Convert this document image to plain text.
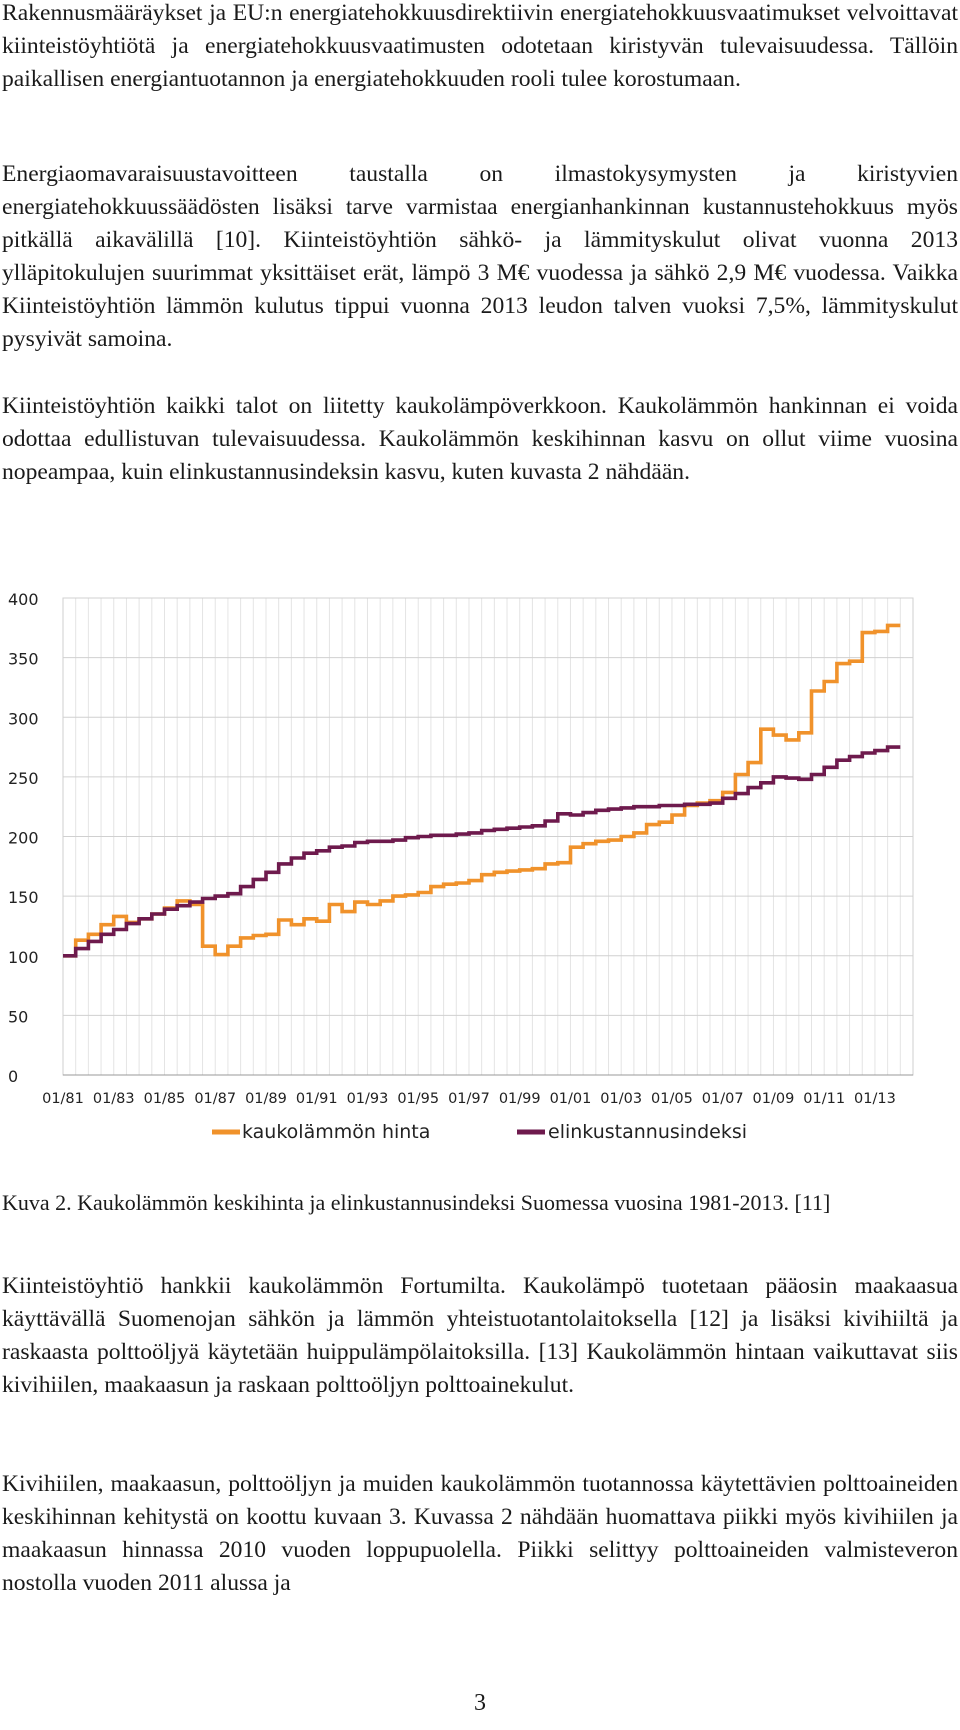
Rakennusmääräykset ja EU:n energiatehokkuusdirektiivin energiatehokkuusvaatimukset velvoittavat kiinteistöyhtiötä ja energiatehokkuusvaatimusten odotetaan kiristyvän tulevaisuudessa. Tällöin paikallisen energiantuotannon ja energiatehokkuuden rooli tulee korostumaan.

Energiaomavaraisuustavoitteen taustalla on ilmastokysymysten ja kiristyvien energiatehokkuussäädösten lisäksi tarve varmistaa energianhankinnan kustannustehokkuus myös pitkällä aikavälillä [10]. Kiinteistöyhtiön sähkö- ja lämmityskulut olivat vuonna 2013 ylläpitokulujen suurimmat yksittäiset erät, lämpö 3 M€ vuodessa ja sähkö 2,9 M€ vuodessa. Vaikka Kiinteistöyhtiön lämmön kulutus tippui vuonna 2013 leudon talven vuoksi 7,5%, lämmityskulut pysyivät samoina.

Kiinteistöyhtiön kaikki talot on liitetty kaukolämpöverkkoon. Kaukolämmön hankinnan ei voida odottaa edullistuvan tulevaisuudessa. Kaukolämmön keskihinnan kasvu on ollut viime vuosina nopeampaa, kuin elinkustannusindeksin kasvu, kuten kuvasta 2 nähdään.

0
50
100
150
200
250
300
350
400
01/81 01/83 01/85 01/87 01/89 01/91 01/93 01/95 01/97 01/99 01/01 01/03 01/05 01/07 01/09 01/11 01/13
kaukolämmön hinta	elinkustannusindeksi

Kuva 2. Kaukolämmön keskihinta ja elinkustannusindeksi Suomessa vuosina 1981-2013. [11]

Kiinteistöyhtiö hankkii kaukolämmön Fortumilta. Kaukolämpö tuotetaan pääosin maakaasua käyttävällä Suomenojan sähkön ja lämmön yhteistuotantolaitoksella [12] ja lisäksi kivihiiltä ja raskaasta polttoöljyä käytetään huippulämpölaitoksilla. [13] Kaukolämmön hintaan vaikuttavat siis kivihiilen, maakaasun ja raskaan polttoöljyn polttoainekulut.

Kivihiilen, maakaasun, polttoöljyn ja muiden kaukolämmön tuotannossa käytettävien polttoaineiden keskihinnan kehitystä on koottu kuvaan 3. Kuvassa 2 nähdään huomattava piikki myös kivihiilen ja maakaasun hinnassa 2010 vuoden loppupuolella. Piikki selittyy polttoaineiden valmisteveron nostolla vuoden 2011 alussa ja

3
